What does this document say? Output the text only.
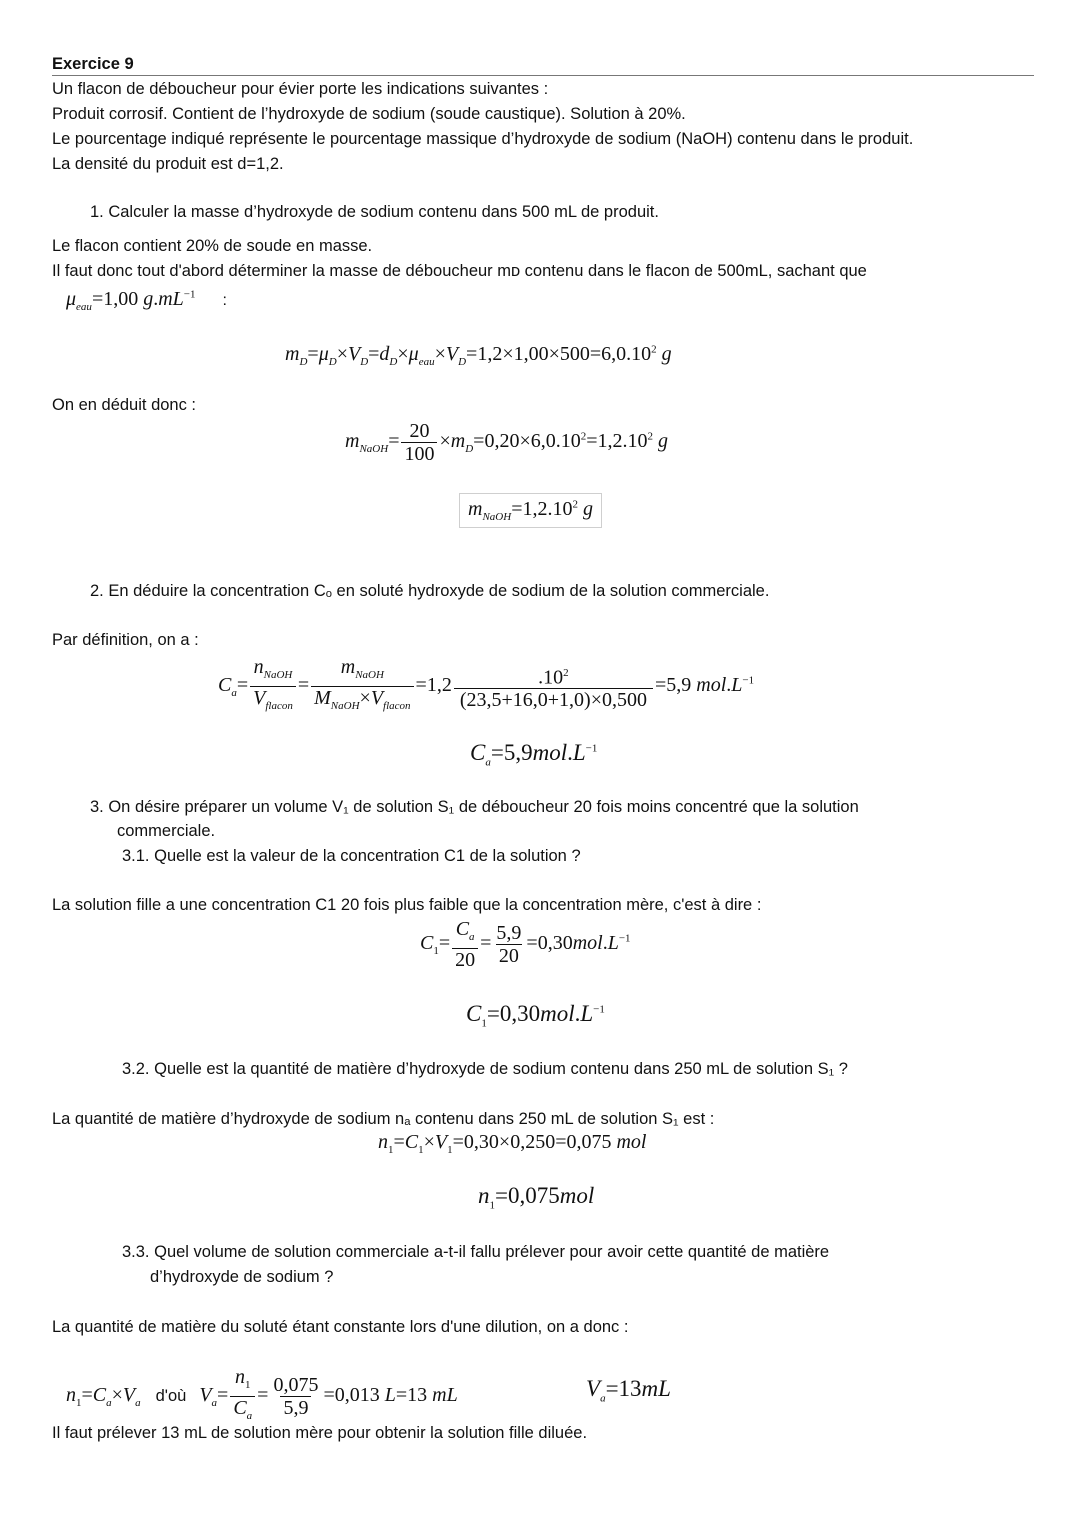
Exercice 9
Un flacon de déboucheur pour évier porte les indications suivantes :
Produit corrosif. Contient de l’hydroxyde de sodium (soude caustique). Solution à 20%.
Le pourcentage indiqué représente le pourcentage massique d’hydroxyde de sodium (NaOH) contenu dans le produit.
La densité du produit est d=1,2.
1. Calculer la masse d’hydroxyde de sodium contenu dans 500 mL de produit.
Le flacon contient 20% de soude en masse.
Il faut donc tout d'abord déterminer la masse de déboucheur mᴅ contenu dans le flacon de 500mL, sachant que
$\mu_{eau}=1,00$ $g.mL^{-1}$ :
$m_D=\mu_D\times V_D=d_D\times\mu_{eau}\times V_D=1,2\times 1,00\times 500=6,0.10^2$ g
On en déduit donc :
$m_{NaOH}= \frac{20}{100} \times m_D=0,20\times 6,0.10^2=1,2.10^2$ g
$m_{NaOH}=1,2.10^2$ g
2. En déduire la concentration Cₒ en soluté hydroxyde de sodium de la solution commerciale.
Par définition, on a :
$C_a= \frac{n_{NaOH}}{V_{flacon}} = \frac{m_{NaOH}}{M_{NaOH}\times V_{flacon}} =1,2 \frac{.10^2}{(23,5+16,0+1,0)\times 0,500} =5,9$ $mol.L^{-1}$
$C_a=5,9mol.L^{-1}$
3. On désire préparer un volume V₁ de solution S₁ de déboucheur 20 fois moins concentré que la solution
commerciale.
3.1. Quelle est la valeur de la concentration C1 de la solution ?
La solution fille a une concentration C1 20 fois plus faible que la concentration mère, c'est à dire :
$C_1= \frac{C_a}{20} = \frac{5,9}{20} =0,30mol.L^{-1}$
$C_1=0,30mol.L^{-1}$
3.2. Quelle est la quantité de matière d’hydroxyde de sodium contenu dans 250 mL de solution S₁ ?
La quantité de matière d’hydroxyde de sodium nₐ contenu dans 250 mL de solution S₁ est :
$n_1=C_1\times V_1=0,30\times 0,250=0,075$ mol
$n_1=0,075mol$
3.3. Quel volume de solution commerciale a-t-il fallu prélever pour avoir cette quantité de matière
d’hydroxyde de sodium ?
La quantité de matière du soluté étant constante lors d'une dilution, on a donc :
$n_1=C_a\times V_a$ d'où $V_a= \frac{n_1}{C_a} = \frac{0,075}{5,9} =0,013$ L=13 mL	$V_a=13mL$
Il faut prélever 13 mL de solution mère pour obtenir la solution fille diluée.
